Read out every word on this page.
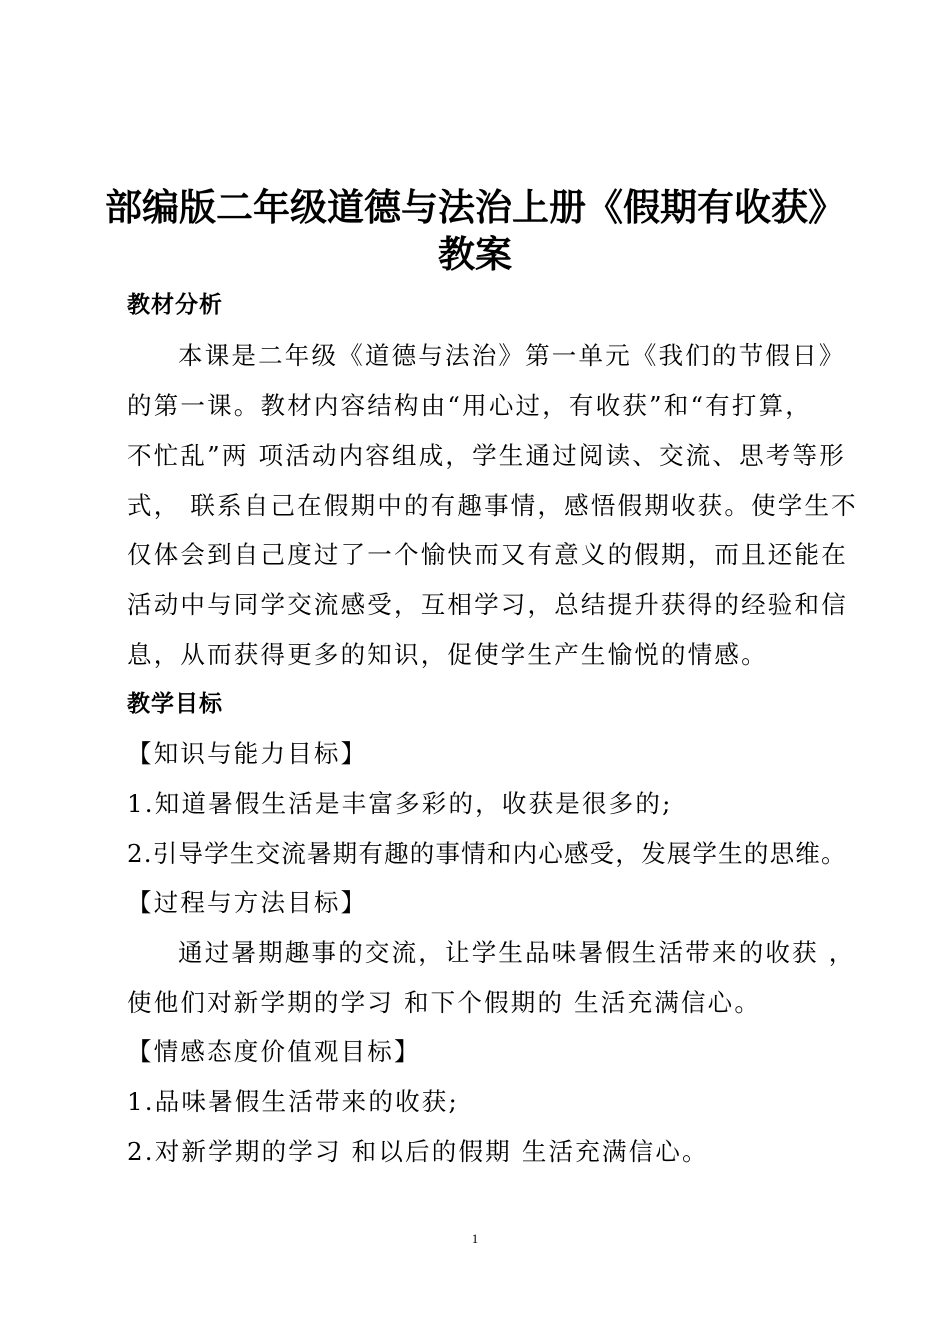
部编版二年级道德与法治上册《假期有收获》
教案
教材分析

本课是二年级《道德与法治》第一单元《我们的节假日》

的第一课。教材内容结构由“用心过，有收获”和“有打算，

不忙乱”两 项活动内容组成，学生通过阅读、交流、思考等形

式， 联系自己在假期中的有趣事情，感悟假期收获。使学生不

仅体会到自己度过了一个愉快而又有意义的假期，而且还能在

活动中与同学交流感受，互相学习，总结提升获得的经验和信

息，从而获得更多的知识，促使学生产生愉悦的情感。

教学目标

【知识与能力目标】

1.知道暑假生活是丰富多彩的，收获是很多的;

2.引导学生交流暑期有趣的事情和内心感受，发展学生的思维。

【过程与方法目标】

通过暑期趣事的交流，让学生品味暑假生活带来的收获 ，

使他们对新学期的学习 和下个假期的 生活充满信心。

【情感态度价值观目标】

1.品味暑假生活带来的收获;

2.对新学期的学习 和以后的假期 生活充满信心。

1
